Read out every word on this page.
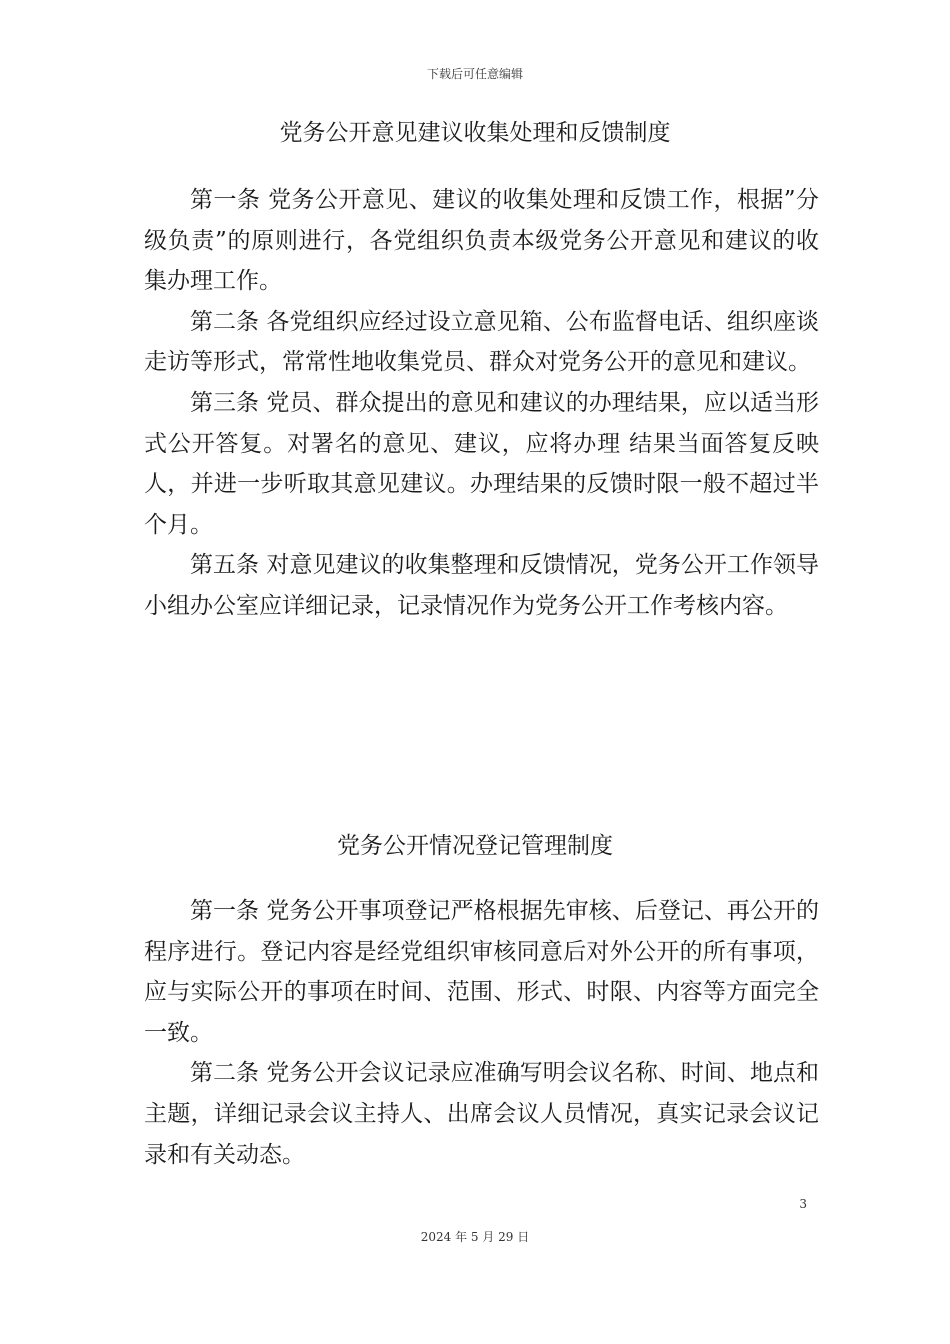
下载后可任意编辑
党务公开意见建议收集处理和反馈制度

第一条 党务公开意见、建议的收集处理和反馈工作，根据”分级负责”的原则进行，各党组织负责本级党务公开意见和建议的收集办理工作。

第二条 各党组织应经过设立意见箱、公布监督电话、组织座谈走访等形式，常常性地收集党员、群众对党务公开的意见和建议。

第三条 党员、群众提出的意见和建议的办理结果，应以适当形式公开答复。对署名的意见、建议，应将办理 结果当面答复反映人，并进一步听取其意见建议。办理结果的反馈时限一般不超过半个月。

第五条 对意见建议的收集整理和反馈情况，党务公开工作领导小组办公室应详细记录，记录情况作为党务公开工作考核内容。

党务公开情况登记管理制度

第一条 党务公开事项登记严格根据先审核、后登记、再公开的程序进行。登记内容是经党组织审核同意后对外公开的所有事项，应与实际公开的事项在时间、范围、形式、时限、内容等方面完全一致。

第二条 党务公开会议记录应准确写明会议名称、时间、地点和主题，详细记录会议主持人、出席会议人员情况，真实记录会议记录和有关动态。

3
2024 年 5 月 29 日
